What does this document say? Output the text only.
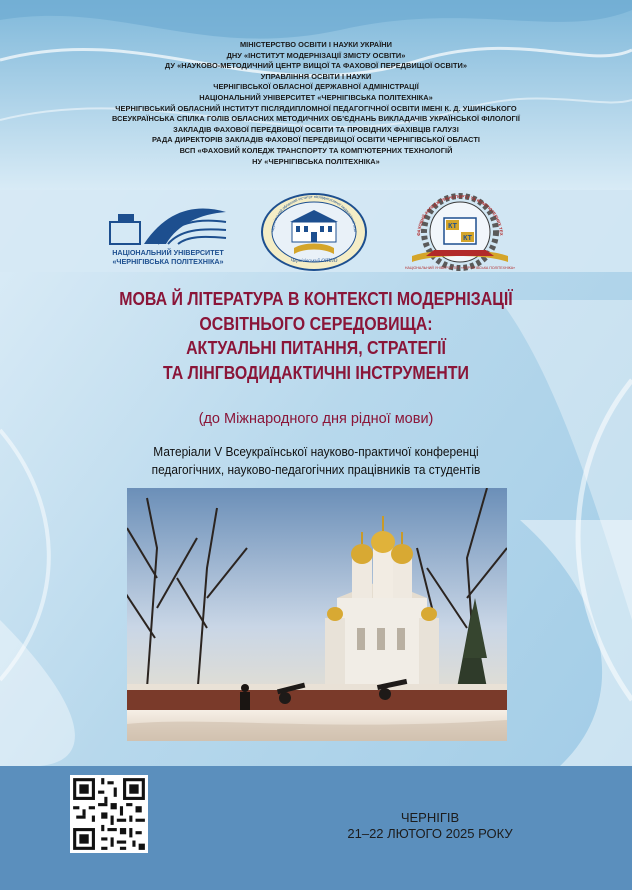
МІНІСТЕРСТВО ОСВІТИ І НАУКИ УКРАЇНИ
ДНУ «ІНСТИТУТ МОДЕРНІЗАЦІЇ ЗМІСТУ ОСВІТИ»
ДУ «НАУКОВО-МЕТОДИЧНИЙ ЦЕНТР ВИЩОЇ ТА ФАХОВОЇ ПЕРЕДВИЩОЇ ОСВІТИ»
УПРАВЛІННЯ ОСВІТИ І НАУКИ
ЧЕРНІГІВСЬКОЇ ОБЛАСНОЇ ДЕРЖАВНОЇ АДМІНІСТРАЦІЇ
НАЦІОНАЛЬНИЙ УНІВЕРСИТЕТ «ЧЕРНІГІВСЬКА ПОЛІТЕХНІКА»
ЧЕРНІГІВСЬКИЙ ОБЛАСНИЙ ІНСТИТУТ ПІСЛЯДИПЛОМНОЇ ПЕДАГОГІЧНОЇ ОСВІТИ ІМЕНІ К. Д. УШИНСЬКОГО
ВСЕУКРАЇНСЬКА СПІЛКА ГОЛІВ ОБЛАСНИХ МЕТОДИЧНИХ ОБ'ЄДНАНЬ ВИКЛАДАЧІВ УКРАЇНСЬКОЇ ФІЛОЛОГІЇ
ЗАКЛАДІВ ФАХОВОЇ ПЕРЕДВИЩОЇ ОСВІТИ ТА ПРОВІДНИХ ФАХІВЦІВ ГАЛУЗІ
РАДА ДИРЕКТОРІВ ЗАКЛАДІВ ФАХОВОЇ ПЕРЕДВИЩОЇ ОСВІТИ ЧЕРНІГІВСЬКОЇ ОБЛАСТІ
ВСП «ФАХОВИЙ КОЛЕДЖ ТРАНСПОРТУ ТА КОМП'ЮТЕРНИХ ТЕХНОЛОГІЙ
НУ «ЧЕРНІГІВСЬКА ПОЛІТЕХНІКА»
НАЦІОНАЛЬНИЙ УНІВЕРСИТЕТ
«ЧЕРНІГІВСЬКА ПОЛІТЕХНІКА»
Чернігівський обласний інститут післядипломної педагогічної осві
Чернігівський ОІППО
ФАХОВИЙ КОЛЕДЖ ТРАНСПОРТУ ТА КОМП'ЮТЕРНИХ ТЕХ
КТ
КТ
НАЦІОНАЛЬНИЙ УНІВЕРСИТЕТ «ЧЕРНІГІВСЬКА ПОЛІТЕХНІКА»
МОВА Й ЛІТЕРАТУРА В КОНТЕКСТІ МОДЕРНІЗАЦІЇ
ОСВІТНЬОГО СЕРЕДОВИЩА:
АКТУАЛЬНІ ПИТАННЯ, СТРАТЕГІЇ
ТА ЛІНГВОДИДАКТИЧНІ ІНСТРУМЕНТИ
(до Міжнародного дня рідної мови)
Матеріали V Всеукраїнської науково-практичої конференці
педагогічних, науково-педагогічних працівників та студентів
ЧЕРНІГІВ
21–22 ЛЮТОГО 2025 РОКУ
